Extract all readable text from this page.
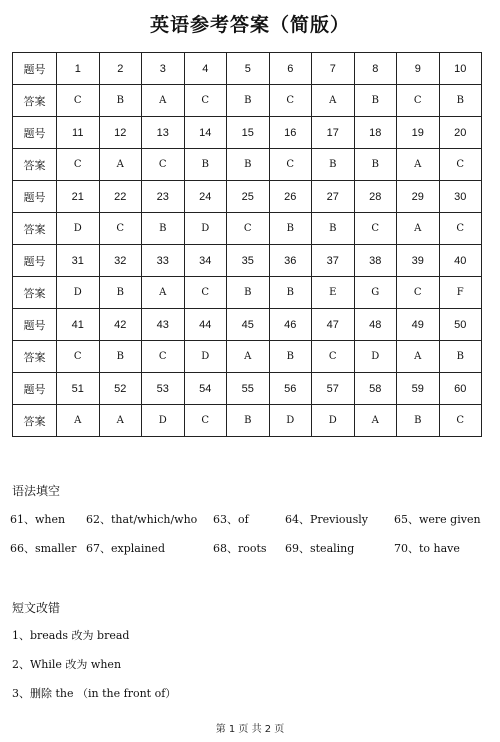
英语参考答案（简版）
题号	1	2	3	4	5	6	7	8	9	10
答案	C	B	A	C	B	C	A	B	C	B
题号	11	12	13	14	15	16	17	18	19	20
答案	C	A	C	B	B	C	B	B	A	C
题号	21	22	23	24	25	26	27	28	29	30
答案	D	C	B	D	C	B	B	C	A	C
题号	31	32	33	34	35	36	37	38	39	40
答案	D	B	A	C	B	B	E	G	C	F
题号	41	42	43	44	45	46	47	48	49	50
答案	C	B	C	D	A	B	C	D	A	B
题号	51	52	53	54	55	56	57	58	59	60
答案	A	A	D	C	B	D	D	A	B	C
语法填空
61、when 62、that/which/who 63、of	64、Previously 65、were given
66、smaller 67、explained	68、roots 69、stealing	70、to have
短文改错
1、breads 改为 bread
2、While 改为 when
3、删除 the （in the front of）
第 1 页 共 2 页
